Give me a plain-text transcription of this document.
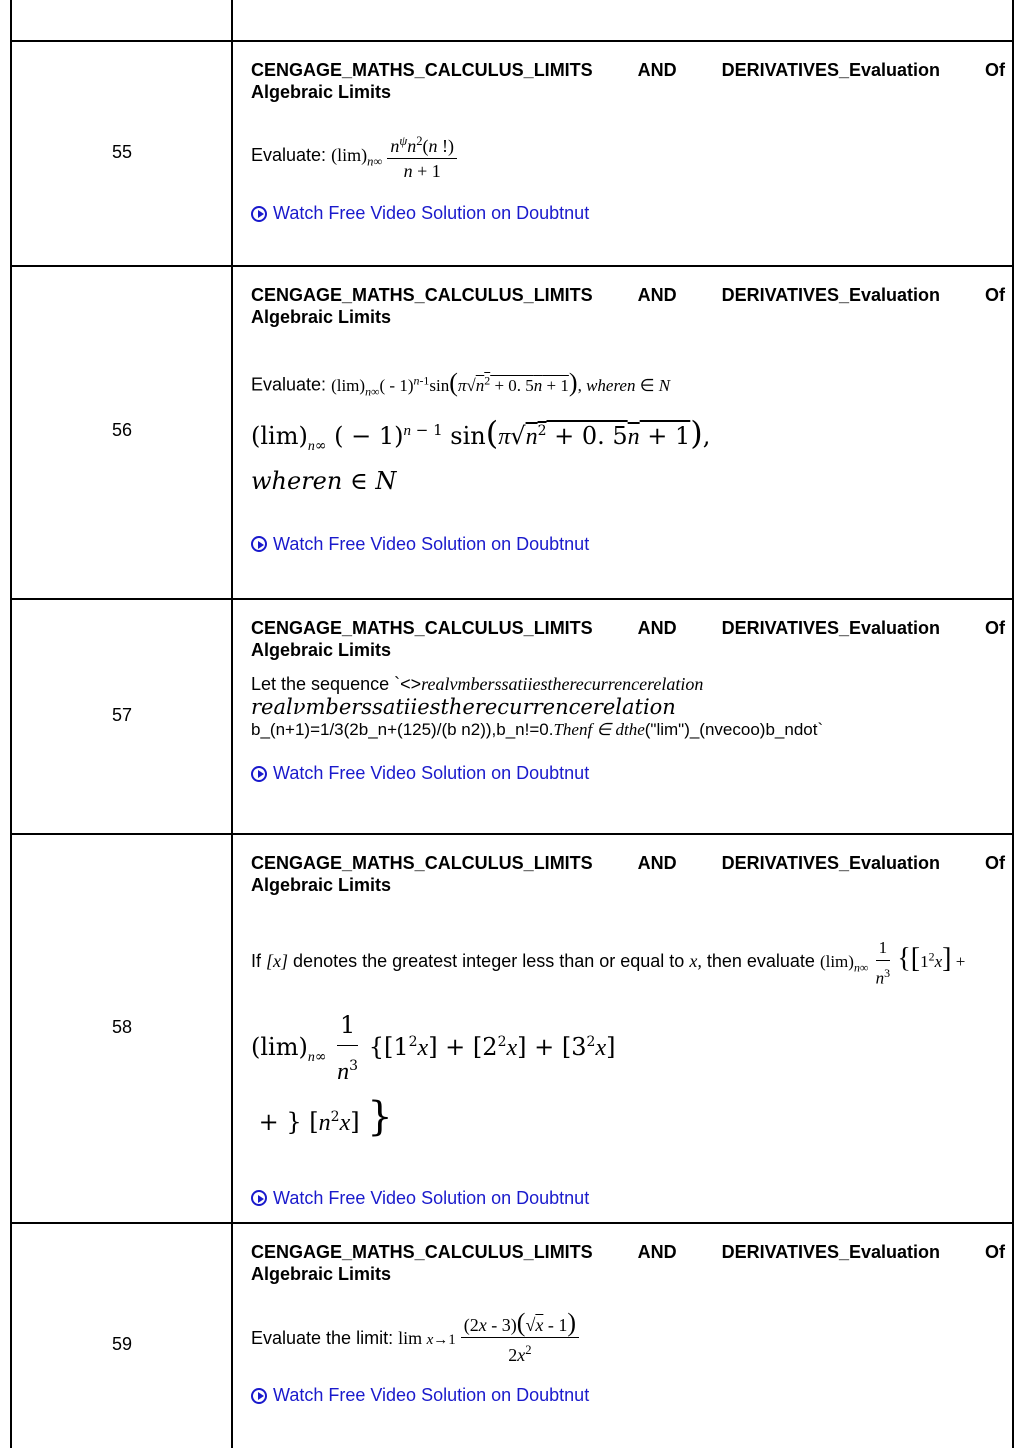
55
CENGAGE_MATHS_CALCULUS_LIMITS AND DERIVATIVES_Evaluation Of
Algebraic Limits
Evaluate: $(\lim)_{n\infty} \frac{n^\psi n^2(n !)}{n + 1}$
Watch Free Video Solution on Doubtnut
56
CENGAGE_MATHS_CALCULUS_LIMITS AND DERIVATIVES_Evaluation Of
Algebraic Limits
Evaluate: $(\lim)_{n\infty}( - 1)^{n-1}\sin(\pi√n^2 + 0$. 5n + 1), wheren ∈ N
$(\lim)_{n\infty}$ ( − 1)$^{n - 1}$ $\sin(\pi√n^2 + 0$. 5n + 1),
wheren ∈ N
Watch Free Video Solution on Doubtnut
57
CENGAGE_MATHS_CALCULUS_LIMITS AND DERIVATIVES_Evaluation Of
Algebraic Limits
Let the sequence `<>realvmberssatiiestherecurrencerelation
realνmberssatiiestherecurrencerelation
b_(n+1)=1/3(2b_n+(125)/(b n2)),b_n!=0.Thenf ∈ dthe("lim")_(nvecoo)b_ndot`
Watch Free Video Solution on Doubtnut
58
CENGAGE_MATHS_CALCULUS_LIMITS AND DERIVATIVES_Evaluation Of
Algebraic Limits
If [x] denotes the greatest integer less than or equal to x, then evaluate $(\lim)_{n\infty} \frac{1}{n^3} \{[1^2x]$ +
$(\lim)_{n\infty} \frac{1}{n^3} \{[1^2x] + [2^2x] + [3^2x]$
+ } $[n^2x]$ }
Watch Free Video Solution on Doubtnut
59
CENGAGE_MATHS_CALCULUS_LIMITS AND DERIVATIVES_Evaluation Of
Algebraic Limits
Evaluate the limit: $\lim x\to 1 \frac{(2x - 3)(√x - 1)}{2x^2}$
Watch Free Video Solution on Doubtnut
